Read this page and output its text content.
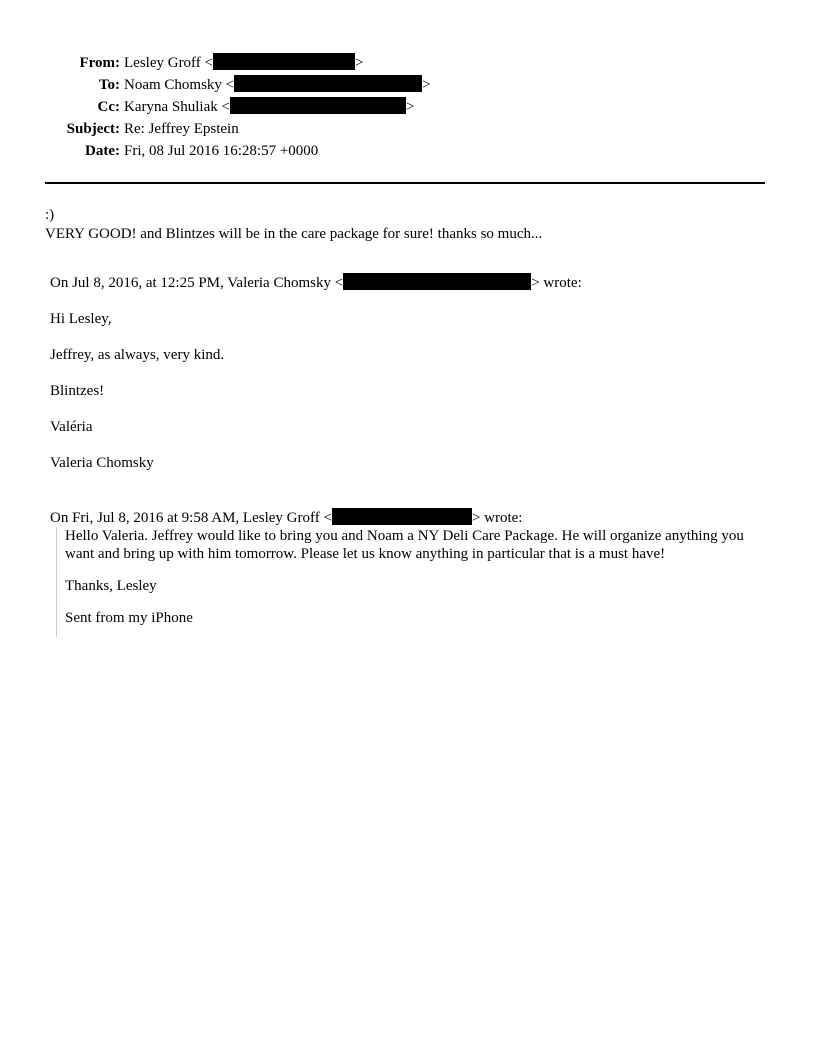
From: Lesley Groff <	>
To: Noam Chomsky <	>
Cc: Karyna Shuliak <	>
Subject: Re: Jeffrey Epstein
Date: Fri, 08 Jul 2016 16:28:57 +0000
:)
VERY GOOD! and Blintzes will be in the care package for sure! thanks so much...

On Jul 8, 2016, at 12:25 PM, Valeria Chomsky <	> wrote:

Hi Lesley,

Jeffrey, as always, very kind.

Blintzes!

Valéria

Valeria Chomsky

On Fri, Jul 8, 2016 at 9:58 AM, Lesley Groff <	> wrote:

Hello Valeria. Jeffrey would like to bring you and Noam a NY Deli Care Package. He will organize anything you want and bring up with him tomorrow. Please let us know anything in particular that is a must have!

Thanks, Lesley

Sent from my iPhone
